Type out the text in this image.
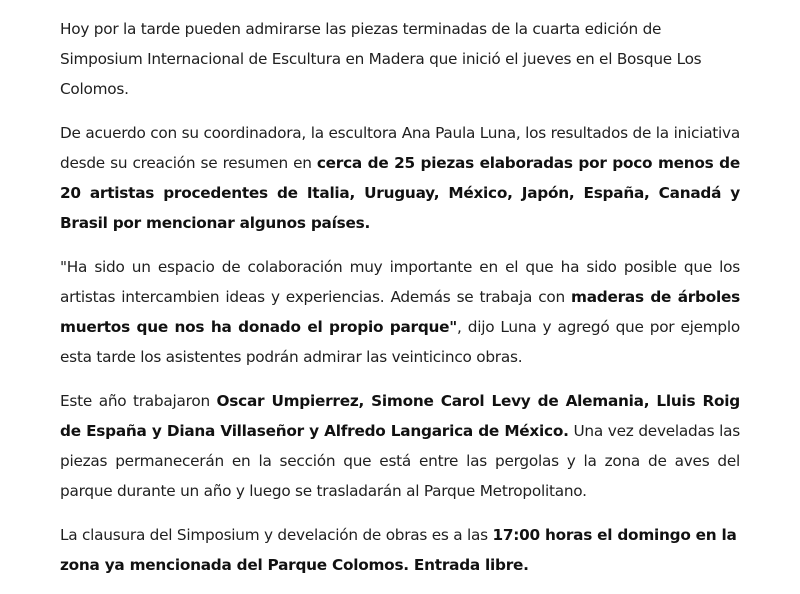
Hoy por la tarde pueden admirarse las piezas terminadas de la cuarta edición de Simposium Internacional de Escultura en Madera que inició el jueves en el Bosque Los Colomos.

De acuerdo con su coordinadora, la escultora Ana Paula Luna, los resultados de la iniciativa desde su creación se resumen en cerca de 25 piezas elaboradas por poco menos de 20 artistas procedentes de Italia, Uruguay, México, Japón, España, Canadá y Brasil por mencionar algunos países.

"Ha sido un espacio de colaboración muy importante en el que ha sido posible que los artistas intercambien ideas y experiencias. Además se trabaja con maderas de árboles muertos que nos ha donado el propio parque", dijo Luna y agregó que por ejemplo esta tarde los asistentes podrán admirar las veinticinco obras.

Este año trabajaron Oscar Umpierrez, Simone Carol Levy de Alemania, Lluis Roig de España y Diana Villaseñor y Alfredo Langarica de México. Una vez develadas las piezas permanecerán en la sección que está entre las pergolas y la zona de aves del parque durante un año y luego se trasladarán al Parque Metropolitano.

La clausura del Simposium y develación de obras es a las 17:00 horas el domingo en la zona ya mencionada del Parque Colomos. Entrada libre.
